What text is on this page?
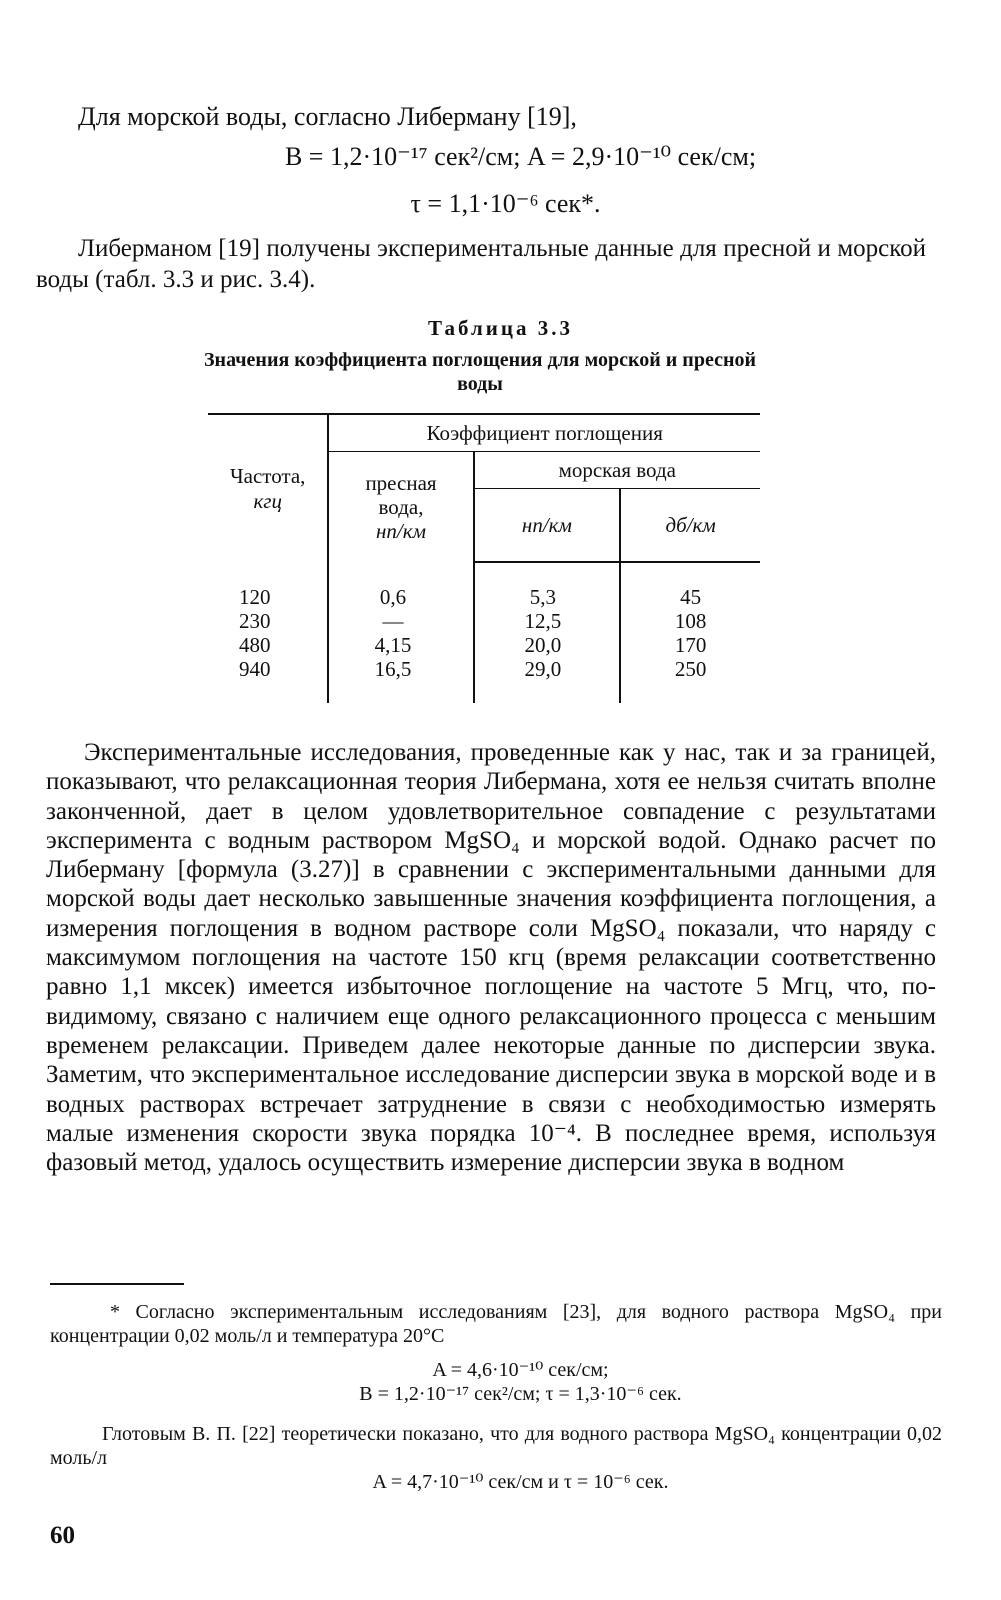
Для морской воды, согласно Либерману [19],
B = 1,2·10⁻¹⁷ сек²/см; A = 2,9·10⁻¹⁰ сек/см;
τ = 1,1·10⁻⁶ сек*.
Либерманом [19] получены экспериментальные данные для пресной и морской воды (табл. 3.3 и рис. 3.4).
Таблица 3.3
Значения коэффициента поглощения для морской и пресной воды
Частота,
кгц	Коэффициент поглощения		

	пресная
вода,
нп/км	морская вода	
		нп/км	дб/км

120	0,6	5,3	45
230	—	12,5	108
480	4,15	20,0	170
940	16,5	29,0	250

Экспериментальные исследования, проведенные как у нас, так и за границей, показывают, что релаксационная теория Либермана, хотя ее нельзя считать вполне законченной, дает в целом удовлетворительное совпадение с результатами эксперимента с водным раствором MgSO₄ и морской водой. Однако расчет по Либерману [формула (3.27)] в сравнении с экспериментальными данными для морской воды дает несколько завышенные значения коэффициента поглощения, а измерения поглощения в водном растворе соли MgSO₄ показали, что наряду с максимумом поглощения на частоте 150 кгц (время релаксации соответственно равно 1,1 мксек) имеется избыточное поглощение на частоте 5 Мгц, что, по-видимому, связано с наличием еще одного релаксационного процесса с меньшим временем релаксации. Приведем далее некоторые данные по дисперсии звука. Заметим, что экспериментальное исследование дисперсии звука в морской воде и в водных растворах встречает затруднение в связи с необходимостью измерять малые изменения скорости звука порядка 10⁻⁴. В последнее время, используя фазовый метод, удалось осуществить измерение дисперсии звука в водном

* Согласно экспериментальным исследованиям [23], для водного раствора MgSO₄ при концентрации 0,02 моль/л и температура 20°С
A = 4,6·10⁻¹⁰ сек/см;
B = 1,2·10⁻¹⁷ сек²/см; τ = 1,3·10⁻⁶ сек.
Глотовым В. П. [22] теоретически показано, что для водного раствора MgSO₄ концентрации 0,02 моль/л
A = 4,7·10⁻¹⁰ сек/см и τ = 10⁻⁶ сек.
60
